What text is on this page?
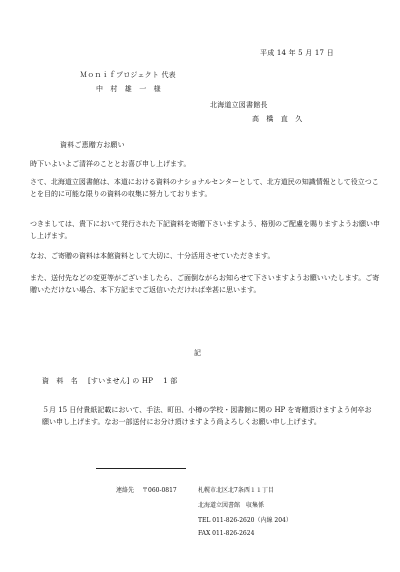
平成 14 年 5 月 17 日
Ｍｏｎｉｆプロジェクト 代表
中　村　雄　一　様
北海道立図書館長
高　橋　直　久
資料ご恵贈方お願い
時下いよいよご清祥のこととお喜び申し上げます。
さて、北海道立図書館は、本道における資料のナショナルセンターとして、北方道民の知識情報として役立つことを目的に可能な限りの資料の収集に努力しております。
つきましては、貴下において発行された下記資料を寄贈下さいますよう、格別のご配慮を賜りますようお願い申し上げます。
なお、ご寄贈の資料は本館資料として大切に、十分活用させていただきます。
また、送付先などの変更等がございましたら、ご面倒ながらお知らせて下さいますようお願いいたします。ご寄贈いただけない場合、本下方記までご返信いただければ幸甚に思います。
記
資　料　名 [すいません] の HP 1 部
５月 15 日付貴紙記載において、手法、町田、小樽の学校・図書館に関の HP を寄贈頂けますよう何卒お願い申し上げます。なお一部送付にお分け頂けますよう尚よろしくお願い申し上げます。
連絡先 〒060-0817	札幌市北区北7条西１１丁目
北海道立図書館　収集係
TEL 011-826-2620（内線 204）
FAX 011-826-2624
